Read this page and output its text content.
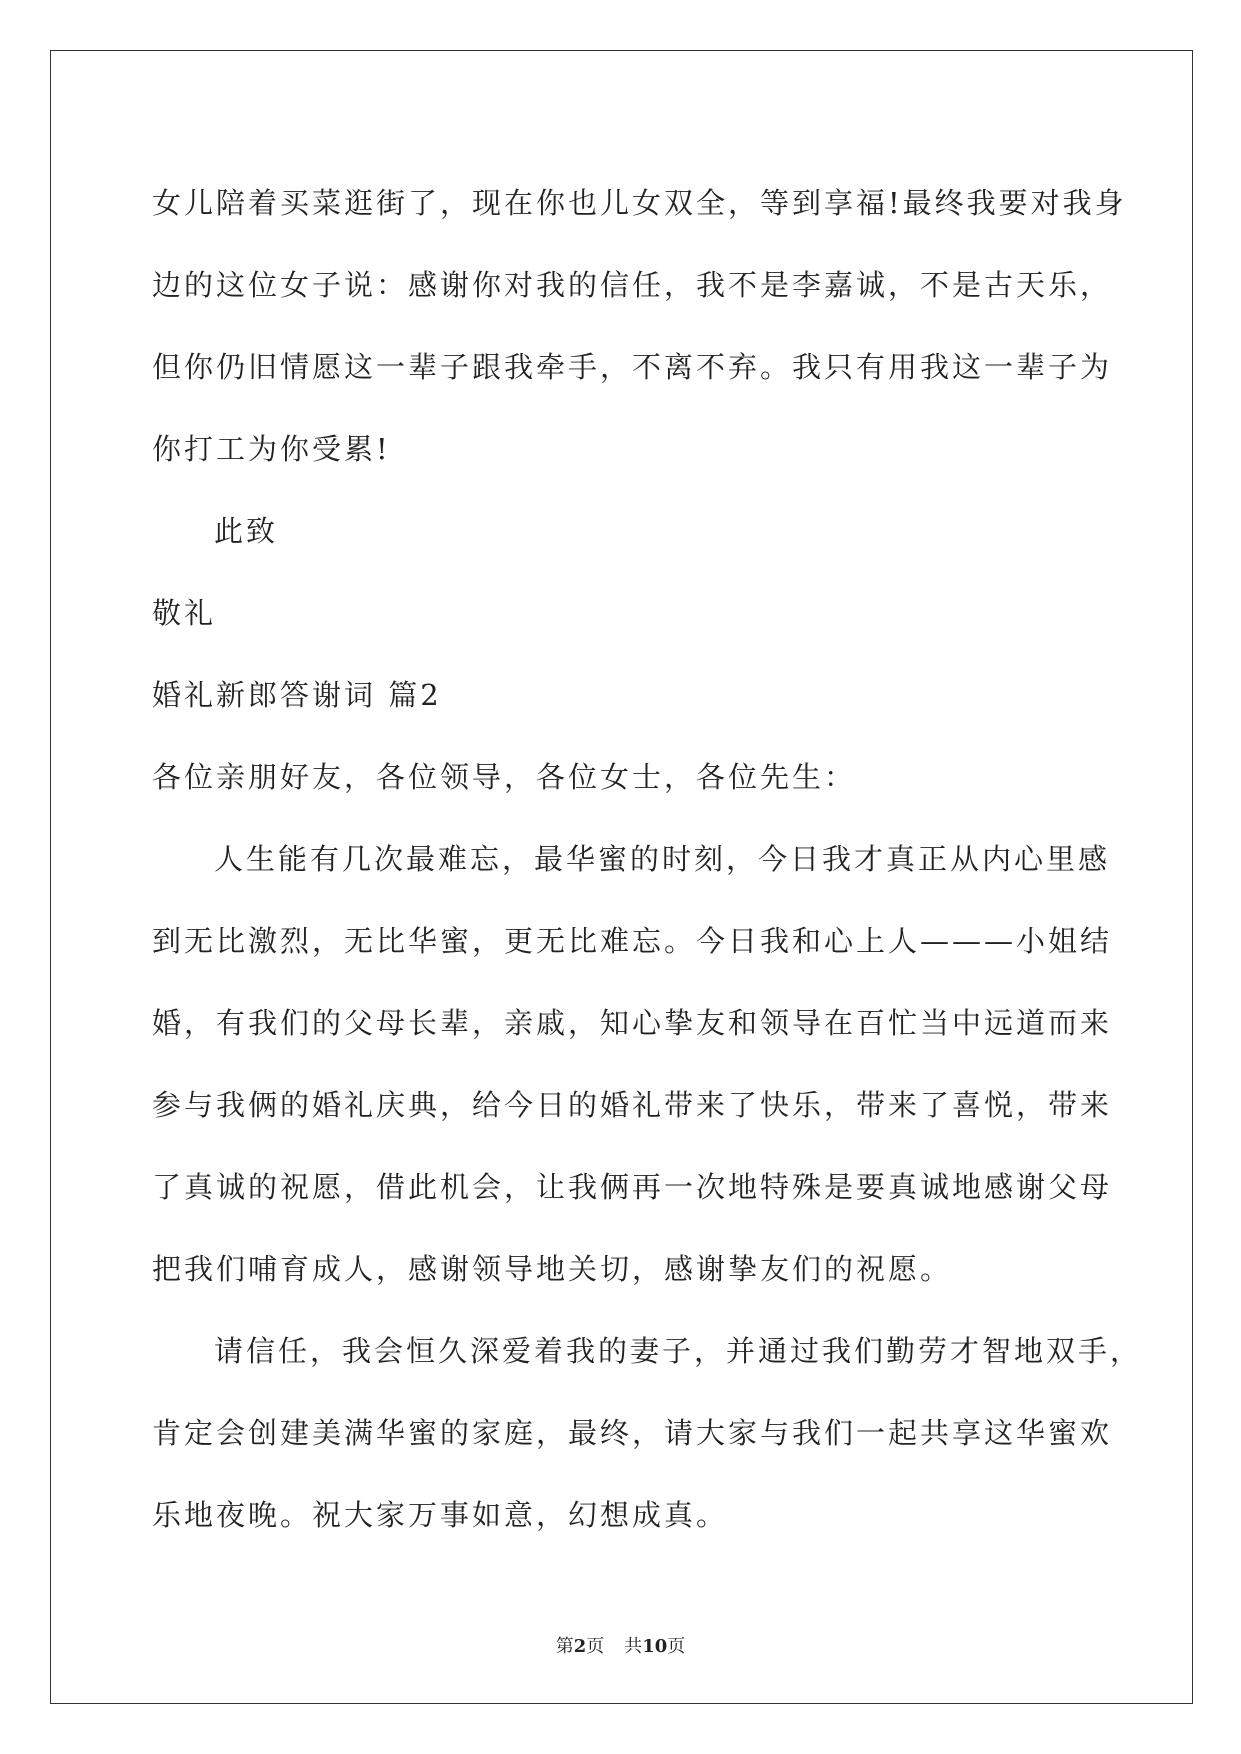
女儿陪着买菜逛街了，现在你也儿女双全，等到享福!最终我要对我身
边的这位女子说：感谢你对我的信任，我不是李嘉诚，不是古天乐，
但你仍旧情愿这一辈子跟我牵手，不离不弃。我只有用我这一辈子为
你打工为你受累!
此致
敬礼
婚礼新郎答谢词 篇2
各位亲朋好友，各位领导，各位女士，各位先生：
人生能有几次最难忘，最华蜜的时刻，今日我才真正从内心里感
到无比激烈，无比华蜜，更无比难忘。今日我和心上人———小姐结
婚，有我们的父母长辈，亲戚，知心挚友和领导在百忙当中远道而来
参与我俩的婚礼庆典，给今日的婚礼带来了快乐，带来了喜悦，带来
了真诚的祝愿，借此机会，让我俩再一次地特殊是要真诚地感谢父母
把我们哺育成人，感谢领导地关切，感谢挚友们的祝愿。
请信任，我会恒久深爱着我的妻子，并通过我们勤劳才智地双手，
肯定会创建美满华蜜的家庭，最终，请大家与我们一起共享这华蜜欢
乐地夜晚。祝大家万事如意，幻想成真。
第2页 共10页
